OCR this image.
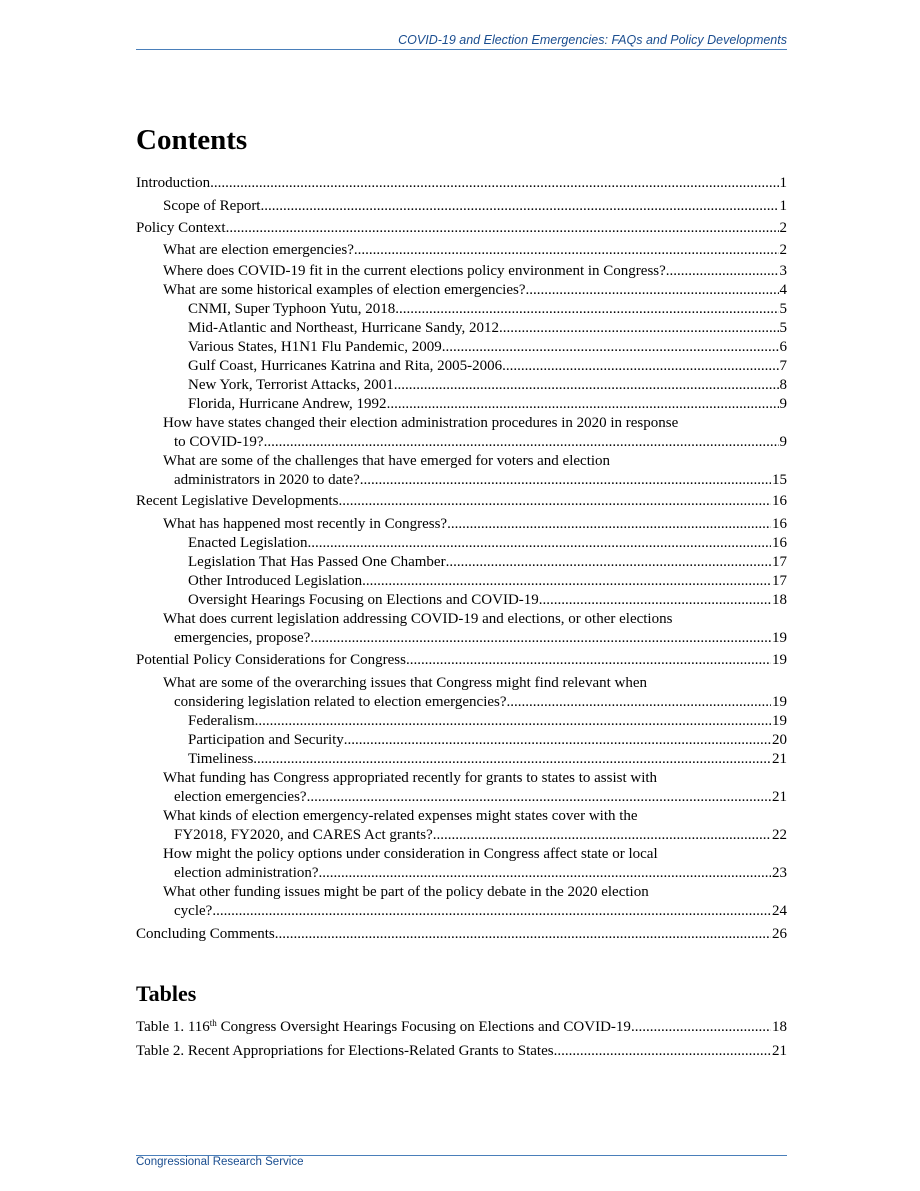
COVID-19 and Election Emergencies: FAQs and Policy Developments
Contents
Introduction .....	1
Scope of Report .....	1
Policy Context .....	2
What are election emergencies? .....	2
Where does COVID-19 fit in the current elections policy environment in Congress? .....	3
What are some historical examples of election emergencies? .....	4
CNMI, Super Typhoon Yutu, 2018 .....	5
Mid-Atlantic and Northeast, Hurricane Sandy, 2012 .....	5
Various States, H1N1 Flu Pandemic, 2009 .....	6
Gulf Coast, Hurricanes Katrina and Rita, 2005-2006 .....	7
New York, Terrorist Attacks, 2001 .....	8
Florida, Hurricane Andrew, 1992 .....	9
How have states changed their election administration procedures in 2020 in response
to COVID-19? .....	9
What are some of the challenges that have emerged for voters and election
administrators in 2020 to date? .....	15
Recent Legislative Developments .....	16
What has happened most recently in Congress? .....	16
Enacted Legislation .....	16
Legislation That Has Passed One Chamber .....	17
Other Introduced Legislation .....	17
Oversight Hearings Focusing on Elections and COVID-19 .....	18
What does current legislation addressing COVID-19 and elections, or other elections
emergencies, propose? .....	19
Potential Policy Considerations for Congress .....	19
What are some of the overarching issues that Congress might find relevant when
considering legislation related to election emergencies? .....	19
Federalism .....	19
Participation and Security .....	20
Timeliness .....	21
What funding has Congress appropriated recently for grants to states to assist with
election emergencies? .....	21
What kinds of election emergency-related expenses might states cover with the
FY2018, FY2020, and CARES Act grants? .....	22
How might the policy options under consideration in Congress affect state or local
election administration? .....	23
What other funding issues might be part of the policy debate in the 2020 election
cycle? .....	24
Concluding Comments .....	26
Tables
Table 1. 116th Congress Oversight Hearings Focusing on Elections and COVID-19 .....	18
Table 2. Recent Appropriations for Elections-Related Grants to States .....	21
Congressional Research Service
